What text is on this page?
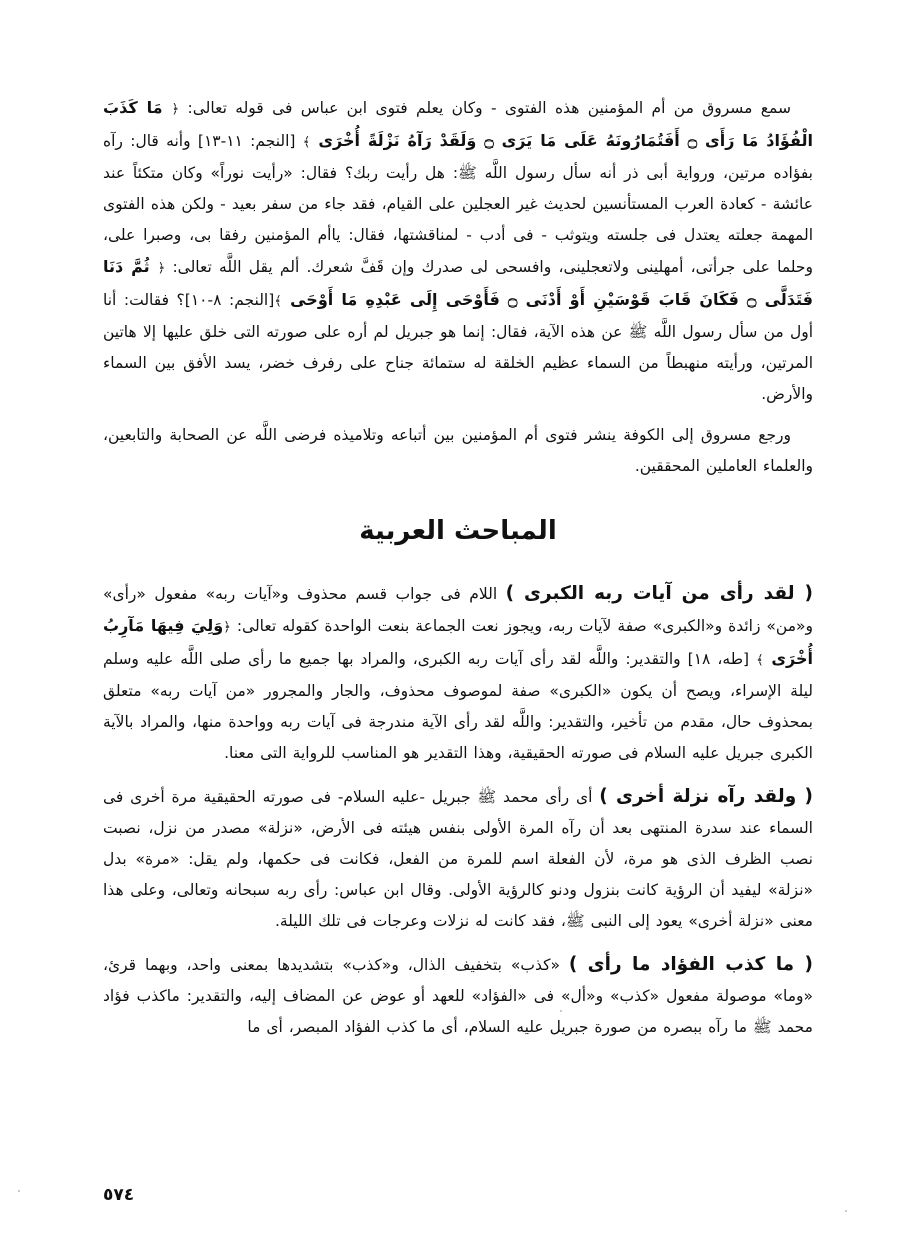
سمع مسروق من أم المؤمنين هذه الفتوى - وكان يعلم فتوى ابن عباس فى قوله تعالى: ﴿ مَا كَذَبَ الْفُؤَادُ مَا رَأَى ۝ أَفَتُمَارُونَهُ عَلَى مَا يَرَى ۝ وَلَقَدْ رَآهُ نَزْلَةً أُخْرَى ﴾ [النجم: ١١-١٣] وأنه قال: رآه بفؤاده مرتين، ورواية أبى ذر أنه سأل رسول اللَّه ﷺ: هل رأيت ربك؟ فقال: «رأيت نوراً» وكان متكئاً عند عائشة - كعادة العرب المستأنسين لحديث غير العجلين على القيام، فقد جاء من سفر بعيد - ولكن هذه الفتوى المهمة جعلته يعتدل فى جلسته ويتوثب - فى أدب - لمناقشتها، فقال: ياأم المؤمنين رفقا بى، وصبرا على، وحلما على جرأتى، أمهلينى ولاتعجلينى، وافسحى لى صدرك وإن قَفَّ شعرك. ألم يقل اللَّه تعالى: ﴿ ثُمَّ دَنَا فَتَدَلَّى ۝ فَكَانَ قَابَ قَوْسَيْنِ أَوْ أَدْنَى ۝ فَأَوْحَى إِلَى عَبْدِهِ مَا أَوْحَى ﴾[النجم: ٨-١٠]؟ فقالت: أنا أول من سأل رسول اللَّه ﷺ عن هذه الآية، فقال: إنما هو جبريل لم أره على صورته التى خلق عليها إلا هاتين المرتين، ورأيته منهبطاً من السماء عظيم الخلقة له ستمائة جناح على رفرف خضر، يسد الأفق بين السماء والأرض.

ورجع مسروق إلى الكوفة ينشر فتوى أم المؤمنين بين أتباعه وتلاميذه فرضى اللَّه عن الصحابة والتابعين، والعلماء العاملين المحققين.

المباحث العربية

( لقد رأى من آيات ربه الكبرى ) اللام فى جواب قسم محذوف و«آيات ربه» مفعول «رأى» و«من» زائدة و«الكبرى» صفة لآيات ربه، ويجوز نعت الجماعة بنعت الواحدة كقوله تعالى: ﴿وَلِيَ فِيهَا مَآرِبُ أُخْرَى ﴾ [طه، ١٨] والتقدير: واللَّه لقد رأى آيات ربه الكبرى، والمراد بها جميع ما رأى صلى اللَّه عليه وسلم ليلة الإسراء، ويصح أن يكون «الكبرى» صفة لموصوف محذوف، والجار والمجرور «من آيات ربه» متعلق بمحذوف حال، مقدم من تأخير، والتقدير: واللَّه لقد رأى الآية مندرجة فى آيات ربه وواحدة منها، والمراد بالآية الكبرى جبريل عليه السلام فى صورته الحقيقية، وهذا التقدير هو المناسب للرواية التى معنا.

( ولقد رآه نزلة أخرى ) أى رأى محمد ﷺ جبريل -عليه السلام- فى صورته الحقيقية مرة أخرى فى السماء عند سدرة المنتهى بعد أن رآه المرة الأولى بنفس هيئته فى الأرض، «نزلة» مصدر من نزل، نصبت نصب الظرف الذى هو مرة، لأن الفعلة اسم للمرة من الفعل، فكانت فى حكمها، ولم يقل: «مرة» بدل «نزلة» ليفيد أن الرؤية كانت بنزول ودنو كالرؤية الأولى. وقال ابن عباس: رأى ربه سبحانه وتعالى، وعلى هذا معنى «نزلة أخرى» يعود إلى النبى ﷺ، فقد كانت له نزلات وعرجات فى تلك الليلة.

( ما كذب الفؤاد ما رأى ) «كذب» بتخفيف الذال، و«كذب» بتشديدها بمعنى واحد، وبهما قرئ، «وما» موصولة مفعول «كذب» و«أل» فى «الفؤاد» للعهد أو عوض عن المضاف إليه، والتقدير: ماكذب فؤاد محمد ﷺ ما رآه ببصره من صورة جبريل عليه السلام، أى ما كذب الفؤاد المبصر، أى ما

٥٧٤
